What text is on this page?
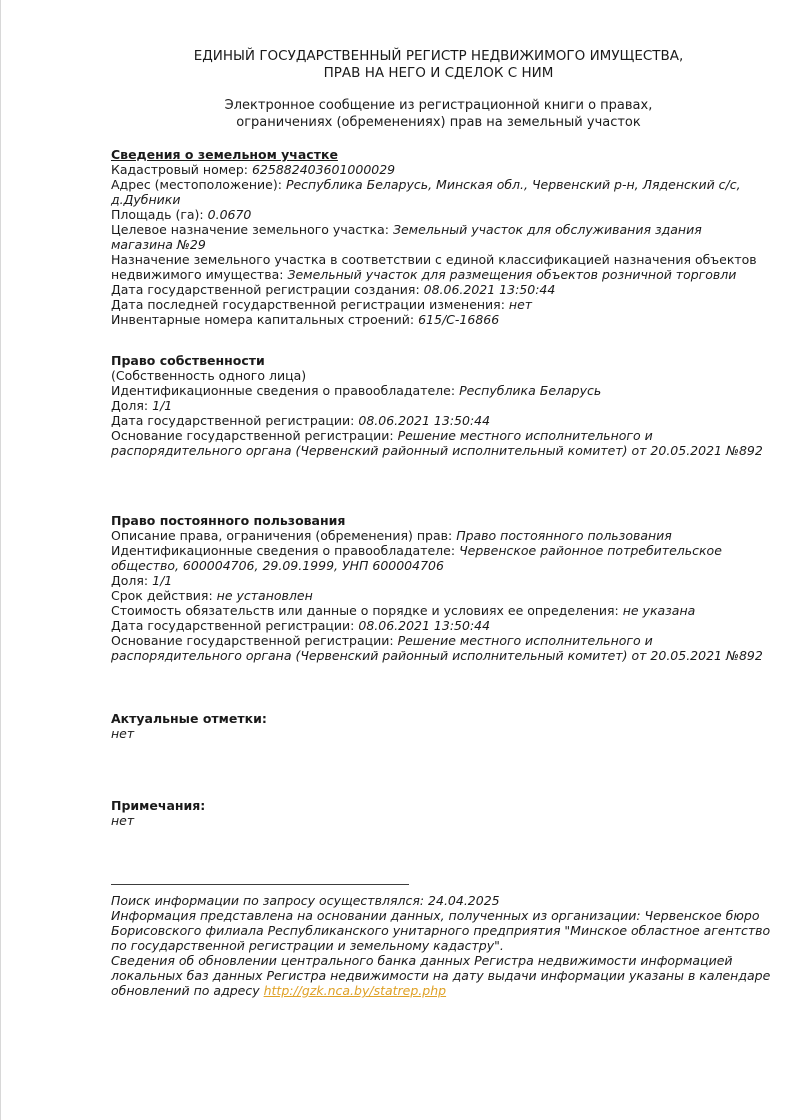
ЕДИНЫЙ ГОСУДАРСТВЕННЫЙ РЕГИСТР НЕДВИЖИМОГО ИМУЩЕСТВА,
ПРАВ НА НЕГО И СДЕЛОК С НИМ
Электронное сообщение из регистрационной книги о правах,
ограничениях (обременениях) прав на земельный участок
Сведения о земельном участке

Кадастровый номер: 625882403601000029

Адрес (местоположение): Республика Беларусь, Минская обл., Червенский р-н, Ляденский с/с, д.Дубники

Площадь (га): 0.0670

Целевое назначение земельного участка: Земельный участок для обслуживания здания магазина №29

Назначение земельного участка в соответствии с единой классификацией назначения объектов недвижимого имущества: Земельный участок для размещения объектов розничной торговли

Дата государственной регистрации создания: 08.06.2021 13:50:44

Дата последней государственной регистрации изменения: нет

Инвентарные номера капитальных строений: 615/С-16866

Право собственности

(Собственность одного лица)

Идентификационные сведения о правообладателе: Республика Беларусь

Доля: 1/1

Дата государственной регистрации: 08.06.2021 13:50:44

Основание государственной регистрации: Решение местного исполнительного и распорядительного органа (Червенский районный исполнительный комитет) от 20.05.2021 №892

Право постоянного пользования

Описание права, ограничения (обременения) прав: Право постоянного пользования

Идентификационные сведения о правообладателе: Червенское районное потребительское общество, 600004706, 29.09.1999, УНП 600004706

Доля: 1/1

Срок действия: не установлен

Стоимость обязательств или данные о порядке и условиях ее определения: не указана

Дата государственной регистрации: 08.06.2021 13:50:44

Основание государственной регистрации: Решение местного исполнительного и распорядительного органа (Червенский районный исполнительный комитет) от 20.05.2021 №892

Актуальные отметки:

нет

Примечания:

нет

Поиск информации по запросу осуществлялся: 24.04.2025

Информация представлена на основании данных, полученных из организации: Червенское бюро Борисовского филиала Республиканского унитарного предприятия "Минское областное агентство по государственной регистрации и земельному кадастру".

Сведения об обновлении центрального банка данных Регистра недвижимости информацией локальных баз данных Регистра недвижимости на дату выдачи информации указаны в календаре обновлений по адресу http://gzk.nca.by/statrep.php
